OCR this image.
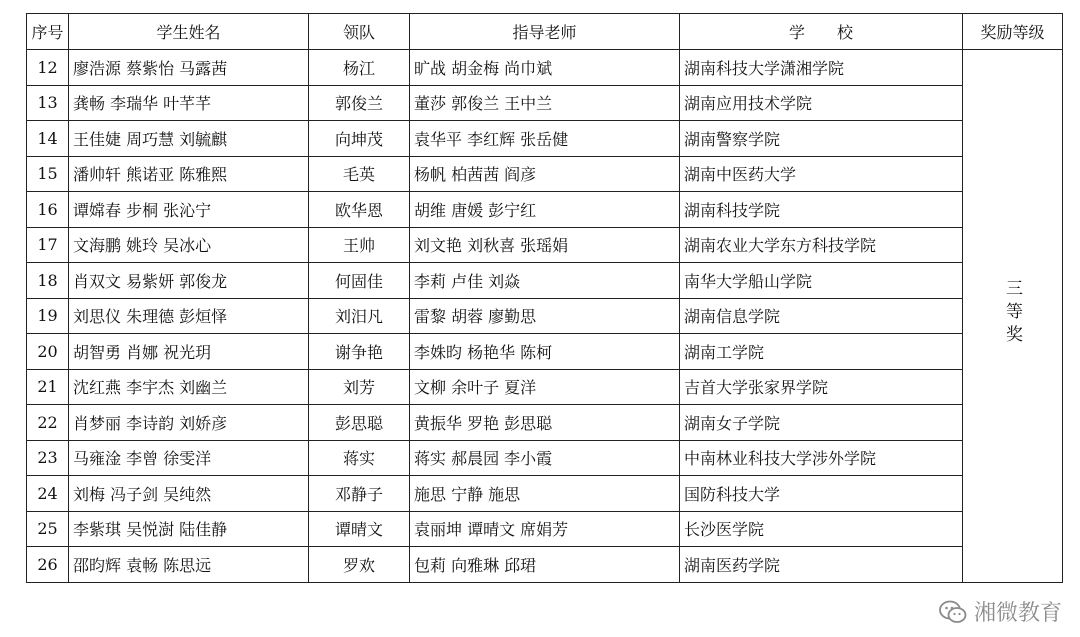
序号	学生姓名	领队	指导老师	学　　校	奖励等级
12	廖浩源 蔡紫怡 马露茜	杨江	旷战 胡金梅 尚巾斌	湖南科技大学潇湘学院	三等奖
13	龚畅 李瑞华 叶芊芊	郭俊兰	董莎 郭俊兰 王中兰	湖南应用技术学院	
14	王佳婕 周巧慧 刘毓麒	向坤茂	袁华平 李红辉 张岳健	湖南警察学院	
15	潘帅轩 熊诺亚 陈雅熙	毛英	杨帆 柏茜茜 阎彦	湖南中医药大学	
16	谭嫦春 步桐 张沁宁	欧华恩	胡维 唐媛 彭宁红	湖南科技学院	
17	文海鹏 姚玲 吴冰心	王帅	刘文艳 刘秋喜 张瑶娟	湖南农业大学东方科技学院	
18	肖双文 易紫妍 郭俊龙	何固佳	李莉 卢佳 刘焱	南华大学船山学院	
19	刘思仪 朱理德 彭烜怿	刘汨凡	雷黎 胡蓉 廖勤思	湖南信息学院	
20	胡智勇 肖娜 祝光玥	谢争艳	李姝昀 杨艳华 陈柯	湖南工学院	
21	沈红燕 李宇杰 刘幽兰	刘芳	文柳 余叶子 夏洋	吉首大学张家界学院	
22	肖梦丽 李诗韵 刘娇彦	彭思聪	黄振华 罗艳 彭思聪	湖南女子学院	
23	马雍淦 李曾 徐雯洋	蒋实	蒋实 郝晨园 李小霞	中南林业科技大学涉外学院	
24	刘梅 冯子剑 吴纯然	邓静子	施思 宁静 施思	国防科技大学	
25	李紫琪 吴悦澍 陆佳静	谭晴文	袁丽坤 谭晴文 席娟芳	长沙医学院	
26	邵昀辉 袁畅 陈思远	罗欢	包莉 向雅琳 邱珺	湖南医药学院	
湘微教育
